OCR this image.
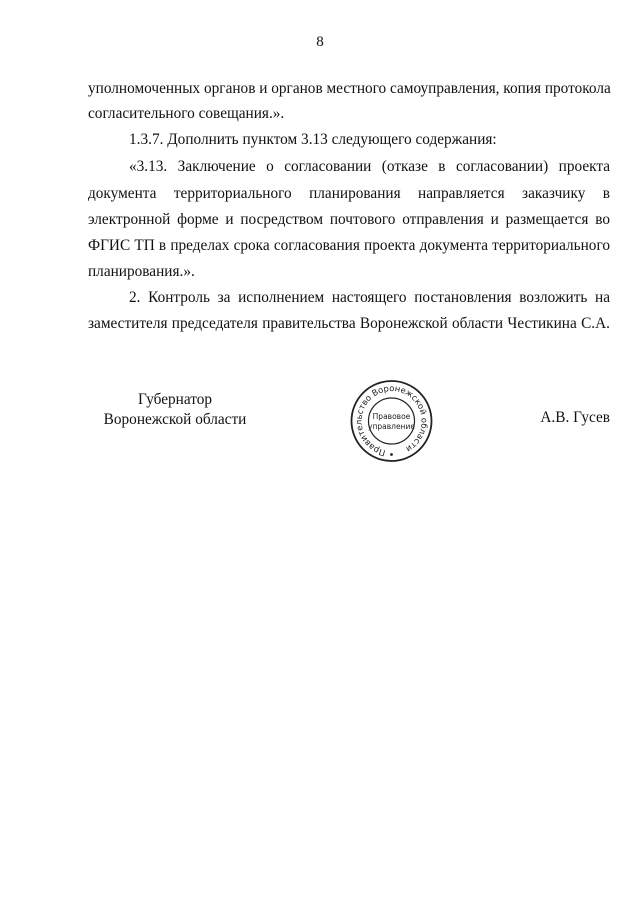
8
уполномоченных органов и органов местного самоуправления, копия протокола
согласительного совещания.».
1.3.7. Дополнить пунктом 3.13 следующего содержания:
«3.13. Заключение о согласовании (отказе в согласовании) проекта
документа территориального планирования направляется заказчику в
электронной форме и посредством почтового отправления и размещается во
ФГИС ТП в пределах срока согласования проекта документа территориального
планирования.».
2. Контроль за исполнением настоящего постановления возложить на
заместителя председателя правительства Воронежской области Честикина С.А.
Губернатор
Воронежской области
Правительство Воронежской области
Правовое
управление
А.В. Гусев
